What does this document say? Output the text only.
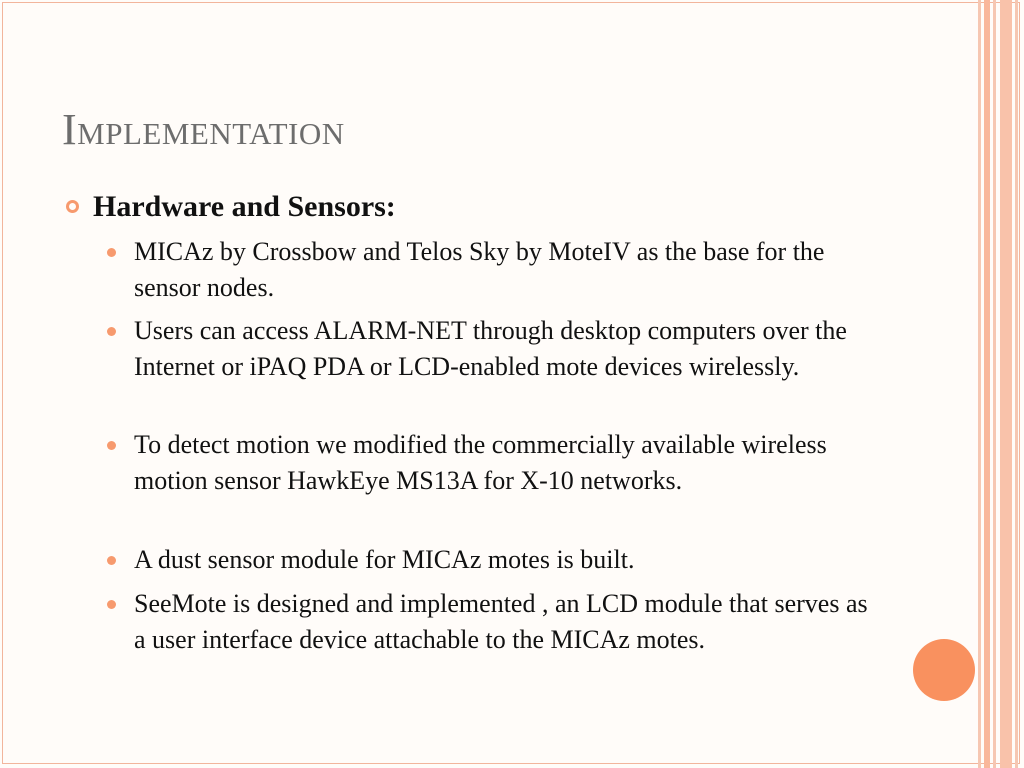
Implementation
Hardware and Sensors:
MICAz by Crossbow and Telos Sky by MoteIV as the base for the sensor nodes.
Users can access ALARM-NET through desktop computers over the Internet or iPAQ PDA or LCD-enabled mote devices wirelessly.
To detect motion we modified the commercially available wireless motion sensor HawkEye MS13A for X-10 networks.
A dust sensor module for MICAz motes is built.
SeeMote is designed and implemented , an LCD module that serves as a user interface device attachable to the MICAz motes.
